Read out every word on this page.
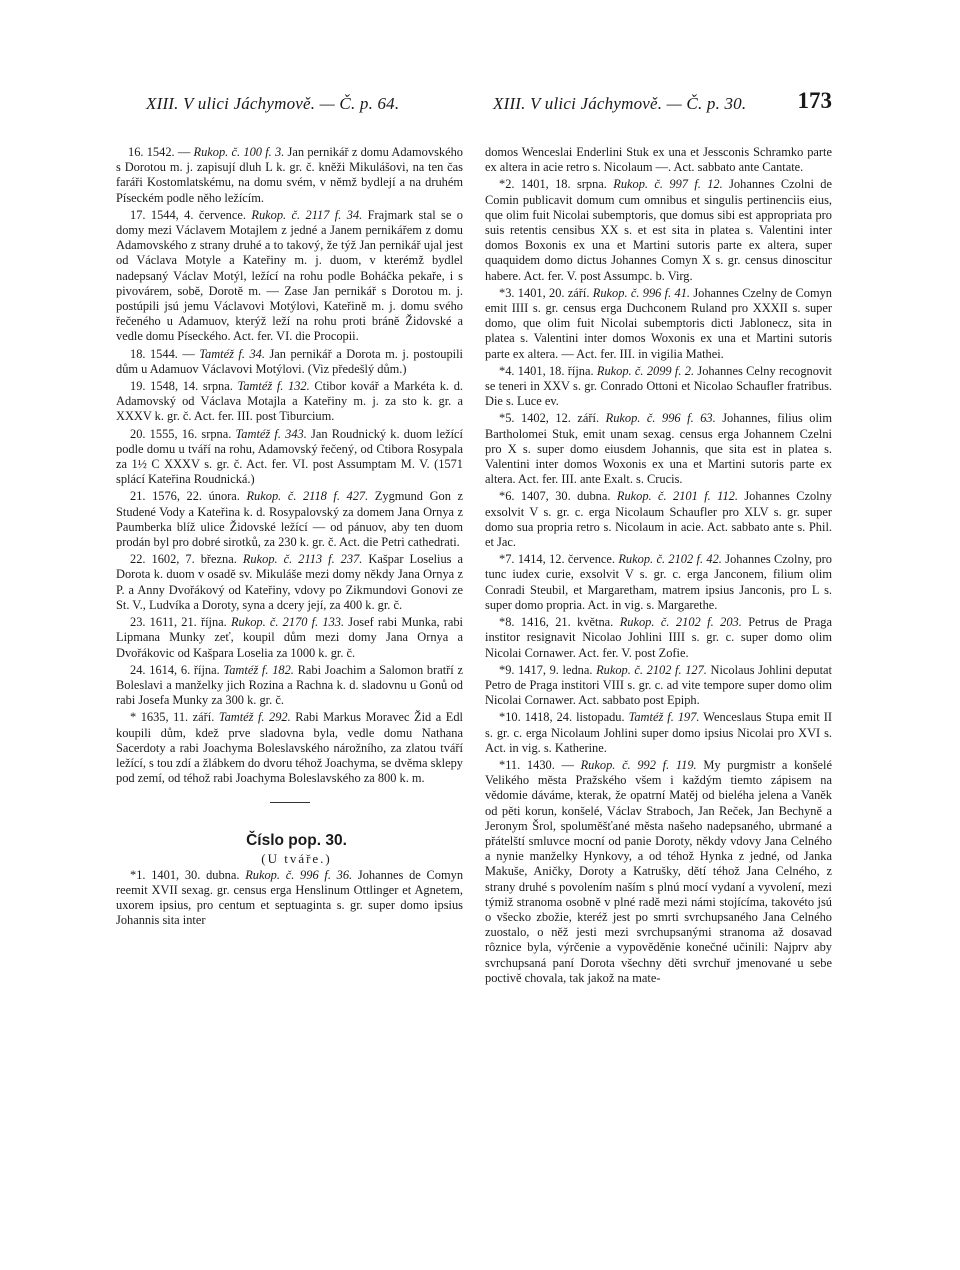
XIII. V ulici Jáchymově. — Č. p. 64.	XIII. V ulici Jáchymově. — Č. p. 30. 173

16. 1542. — Rukop. č. 100 f. 3. Jan pernikář z domu Adamovského s Dorotou m. j. zapisují dluh L k. gr. č. kněži Mikulášovi, na ten čas faráři Kostomlatskému, na domu svém, v němž bydlejí a na druhém Píseckém podle něho ležícím.

17. 1544, 4. července. Rukop. č. 2117 f. 34. Frajmark stal se o domy mezi Václavem Motajlem z jedné a Janem pernikářem z domu Adamovského z strany druhé a to takový, že týž Jan pernikář ujal jest od Václava Motyle a Kateřiny m. j. duom, v kterémž bydlel nadepsaný Václav Motýl, ležící na rohu podle Boháčka pekaře, i s pivovárem, sobě, Dorotě m. — Zase Jan pernikář s Dorotou m. j. postúpili jsú jemu Václavovi Motýlovi, Kateřině m. j. domu svého řečeného u Adamuov, kterýž leží na rohu proti bráně Židovské a vedle domu Píseckého. Act. fer. VI. die Procopii.

18. 1544. — Tamtéž f. 34. Jan pernikář a Dorota m. j. postoupili dům u Adamuov Václavovi Motýlovi. (Viz předešlý dům.)

19. 1548, 14. srpna. Tamtéž f. 132. Ctibor kovář a Markéta k. d. Adamovský od Václava Motajla a Kateřiny m. j. za sto k. gr. a XXXV k. gr. č. Act. fer. III. post Tiburcium.

20. 1555, 16. srpna. Tamtéž f. 343. Jan Roudnický k. duom ležící podle domu u tváří na rohu, Adamovský řečený, od Ctibora Rosypala za 1½ C XXXV s. gr. č. Act. fer. VI. post Assumptam M. V. (1571 splácí Kateřina Roudnická.)

21. 1576, 22. února. Rukop. č. 2118 f. 427. Zygmund Gon z Studené Vody a Kateřina k. d. Rosypalovský za domem Jana Ornya z Paumberka blíž ulice Židovské ležící — od pánuov, aby ten duom prodán byl pro dobré sirotků, za 230 k. gr. č. Act. die Petri cathedrati.

22. 1602, 7. března. Rukop. č. 2113 f. 237. Kašpar Loselius a Dorota k. duom v osadě sv. Mikuláše mezi domy někdy Jana Ornya z P. a Anny Dvořákový od Kateřiny, vdovy po Zikmundovi Gonovi ze St. V., Ludvíka a Doroty, syna a dcery její, za 400 k. gr. č.

23. 1611, 21. října. Rukop. č. 2170 f. 133. Josef rabi Munka, rabi Lipmana Munky zeť, koupil dům mezi domy Jana Ornya a Dvořákovic od Kašpara Loselia za 1000 k. gr. č.

24. 1614, 6. října. Tamtéž f. 182. Rabi Joachim a Salomon bratří z Boleslavi a manželky jich Rozina a Rachna k. d. sladovnu u Gonů od rabi Josefa Munky za 300 k. gr. č.

* 1635, 11. září. Tamtéž f. 292. Rabi Markus Moravec Žid a Edl koupili dům, kdež prve sladovna byla, vedle domu Nathana Sacerdoty a rabi Joachyma Boleslavského nárožního, za zlatou tváří ležící, s tou zdí a žlábkem do dvoru téhož Joachyma, se dvěma sklepy pod zemí, od téhož rabi Joachyma Boleslavského za 800 k. m.

Číslo pop. 30.

(U tváře.)

*1. 1401, 30. dubna. Rukop. č. 996 f. 36. Johannes de Comyn reemit XVII sexag. gr. census erga Henslinum Ottlinger et Agnetem, uxorem ipsius, pro centum et septuaginta s. gr. super domo ipsius Johannis sita inter

domos Wenceslai Enderlini Stuk ex una et Jessconis Schramko parte ex altera in acie retro s. Nicolaum —. Act. sabbato ante Cantate.

*2. 1401, 18. srpna. Rukop. č. 997 f. 12. Johannes Czolni de Comin publicavit domum cum omnibus et singulis pertinenciis eius, que olim fuit Nicolai subemptoris, que domus sibi est appropriata pro suis retentis censibus XX s. et est sita in platea s. Valentini inter domos Boxonis ex una et Martini sutoris parte ex altera, super quaquidem domo dictus Johannes Comyn X s. gr. census dinoscitur habere. Act. fer. V. post Assumpc. b. Virg.

*3. 1401, 20. září. Rukop. č. 996 f. 41. Johannes Czelny de Comyn emit IIII s. gr. census erga Duchconem Ruland pro XXXII s. super domo, que olim fuit Nicolai subemptoris dicti Jablonecz, sita in platea s. Valentini inter domos Woxonis ex una et Martini sutoris parte ex altera. — Act. fer. III. in vigilia Mathei.

*4. 1401, 18. října. Rukop. č. 2099 f. 2. Johannes Celny recognovit se teneri in XXV s. gr. Conrado Ottoni et Nicolao Schaufler fratribus. Die s. Luce ev.

*5. 1402, 12. září. Rukop. č. 996 f. 63. Johannes, filius olim Bartholomei Stuk, emit unam sexag. census erga Johannem Czelni pro X s. super domo eiusdem Johannis, que sita est in platea s. Valentini inter domos Woxonis ex una et Martini sutoris parte ex altera. Act. fer. III. ante Exalt. s. Crucis.

*6. 1407, 30. dubna. Rukop. č. 2101 f. 112. Johannes Czolny exsolvit V s. gr. c. erga Nicolaum Schaufler pro XLV s. gr. super domo sua propria retro s. Nicolaum in acie. Act. sabbato ante s. Phil. et Jac.

*7. 1414, 12. července. Rukop. č. 2102 f. 42. Johannes Czolny, pro tunc iudex curie, exsolvit V s. gr. c. erga Janconem, filium olim Conradi Steubil, et Margaretham, matrem ipsius Janconis, pro L s. super domo propria. Act. in vig. s. Margarethe.

*8. 1416, 21. května. Rukop. č. 2102 f. 203. Petrus de Praga institor resignavit Nicolao Johlini IIII s. gr. c. super domo olim Nicolai Cornawer. Act. fer. V. post Zofie.

*9. 1417, 9. ledna. Rukop. č. 2102 f. 127. Nicolaus Johlini deputat Petro de Praga institori VIII s. gr. c. ad vite tempore super domo olim Nicolai Cornawer. Act. sabbato post Epiph.

*10. 1418, 24. listopadu. Tamtéž f. 197. Wenceslaus Stupa emit II s. gr. c. erga Nicolaum Johlini super domo ipsius Nicolai pro XVI s. Act. in vig. s. Katherine.

*11. 1430. — Rukop. č. 992 f. 119. My purgmistr a konšelé Velikého města Pražského všem i každým tiemto zápisem na vědomie dáváme, kterak, že opatrní Matěj od bieléha jelena a Vaněk od pěti korun, konšelé, Václav Straboch, Jan Reček, Jan Bechyně a Jeronym Šrol, spoluměšťané města našeho nadepsaného, ubrmané a přátelští smluvce mocní od panie Doroty, někdy vdovy Jana Celného a nynie manželky Hynkovy, a od téhož Hynka z jedné, od Janka Makuše, Aničky, Doroty a Katrušky, dětí téhož Jana Celného, z strany druhé s povolením naším s plnú mocí vydaní a vyvolení, mezi týmiž stranoma osobně v plné radě mezi námi stojícíma, takovéto jsú o všecko zbožie, kteréž jest po smrti svrchupsaného Jana Celného zuostalo, o něž jesti mezi svrchupsanými stranoma až dosavad rôznice byla, výrčenie a vypověděnie konečné učinili: Najprv aby svrchupsaná paní Dorota všechny děti svrchuř jmenované u sebe poctivě chovala, tak jakož na mate-
